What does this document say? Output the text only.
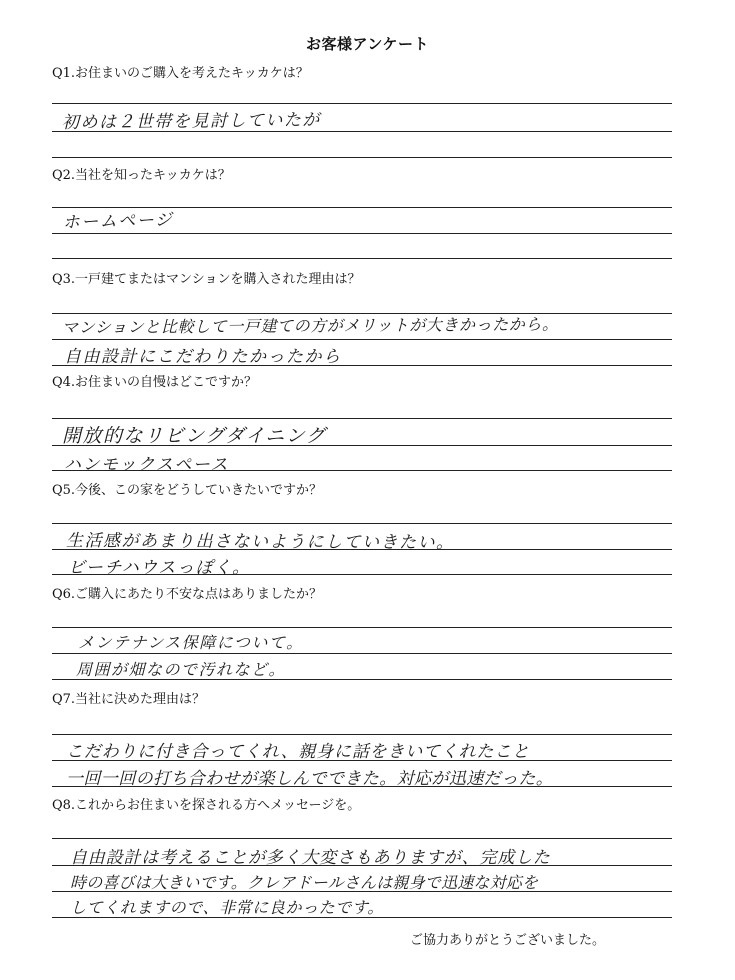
お客様アンケート
Q1.お住まいのご購入を考えたキッカケは？
初めは２世帯を見討していたが
Q2.当社を知ったキッカケは？
ホームページ
Q3.一戸建てまたはマンションを購入された理由は？
マンションと比較して一戸建ての方がメリットが大きかったから。
自由設計にこだわりたかったから
Q4.お住まいの自慢はどこですか？
開放的なリビングダイニング
ハンモックスペース
Q5.今後、この家をどうしていきたいですか？
生活感があまり出さないようにしていきたい。
ビーチハウスっぽく。
Q6.ご購入にあたり不安な点はありましたか？
メンテナンス保障について。
周囲が畑なので汚れなど。
Q7.当社に決めた理由は？
こだわりに付き合ってくれ、親身に話をきいてくれたこと
一回一回の打ち合わせが楽しんでできた。対応が迅速だった。
Q8.これからお住まいを探される方へメッセージを。
自由設計は考えることが多く大変さもありますが、完成した
時の喜びは大きいです。クレアドールさんは親身で迅速な対応を
してくれますので、非常に良かったです。
ご協力ありがとうございました。
